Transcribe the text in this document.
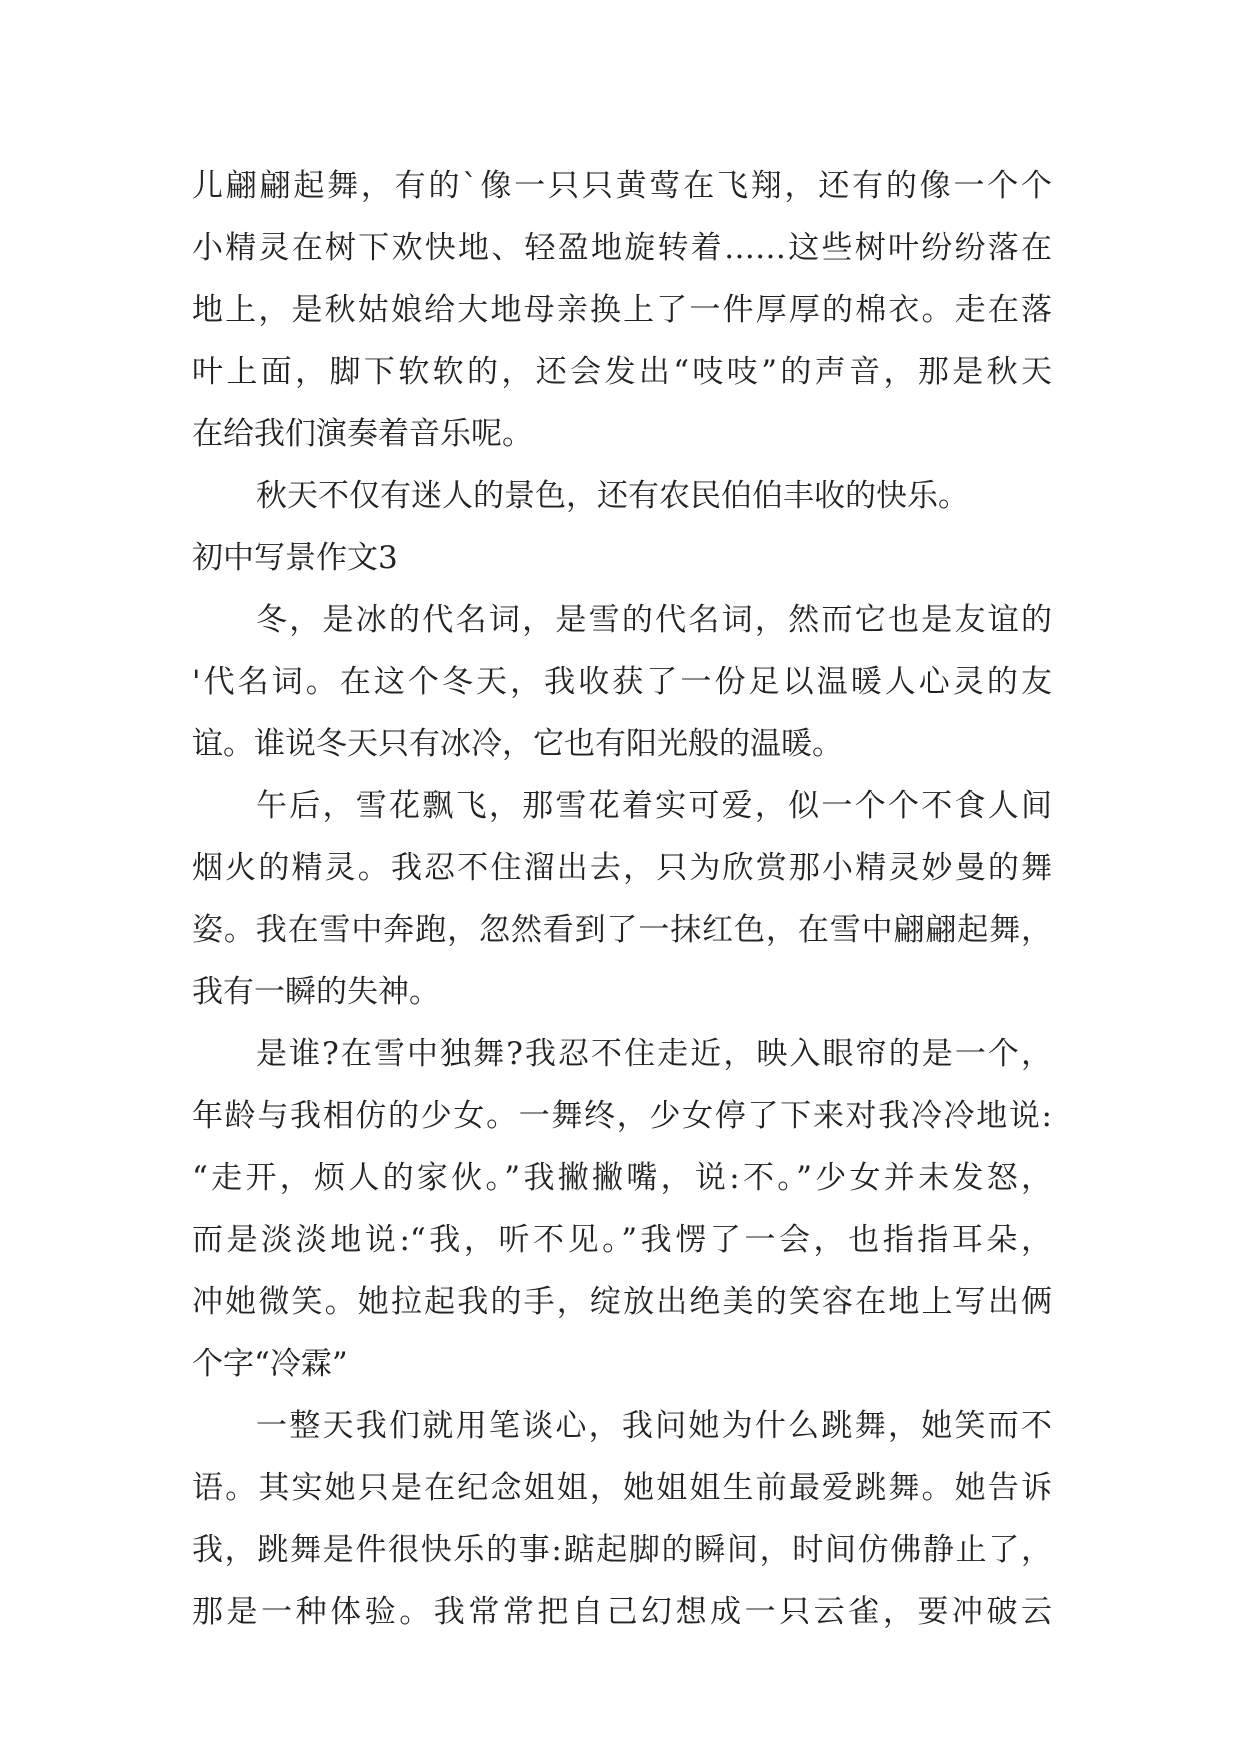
儿翩翩起舞，有的`像一只只黄莺在飞翔，还有的像一个个
小精灵在树下欢快地、轻盈地旋转着……这些树叶纷纷落在
地上，是秋姑娘给大地母亲换上了一件厚厚的棉衣。走在落
叶上面，脚下软软的，还会发出“吱吱”的声音，那是秋天
在给我们演奏着音乐呢。
秋天不仅有迷人的景色，还有农民伯伯丰收的快乐。
初中写景作文3
冬，是冰的代名词，是雪的代名词，然而它也是友谊的
'代名词。在这个冬天，我收获了一份足以温暖人心灵的友
谊。谁说冬天只有冰冷，它也有阳光般的温暖。
午后，雪花飘飞，那雪花着实可爱，似一个个不食人间
烟火的精灵。我忍不住溜出去，只为欣赏那小精灵妙曼的舞
姿。我在雪中奔跑，忽然看到了一抹红色，在雪中翩翩起舞，
我有一瞬的失神。
是谁?在雪中独舞?我忍不住走近，映入眼帘的是一个，
年龄与我相仿的少女。一舞终，少女停了下来对我冷冷地说:
“走开，烦人的家伙。”我撇撇嘴，说:不。”少女并未发怒，
而是淡淡地说:“我，听不见。”我愣了一会，也指指耳朵，
冲她微笑。她拉起我的手，绽放出绝美的笑容在地上写出俩
个字“冷霖”
一整天我们就用笔谈心，我问她为什么跳舞，她笑而不
语。其实她只是在纪念姐姐，她姐姐生前最爱跳舞。她告诉
我，跳舞是件很快乐的事:踮起脚的瞬间，时间仿佛静止了，
那是一种体验。我常常把自己幻想成一只云雀，要冲破云
